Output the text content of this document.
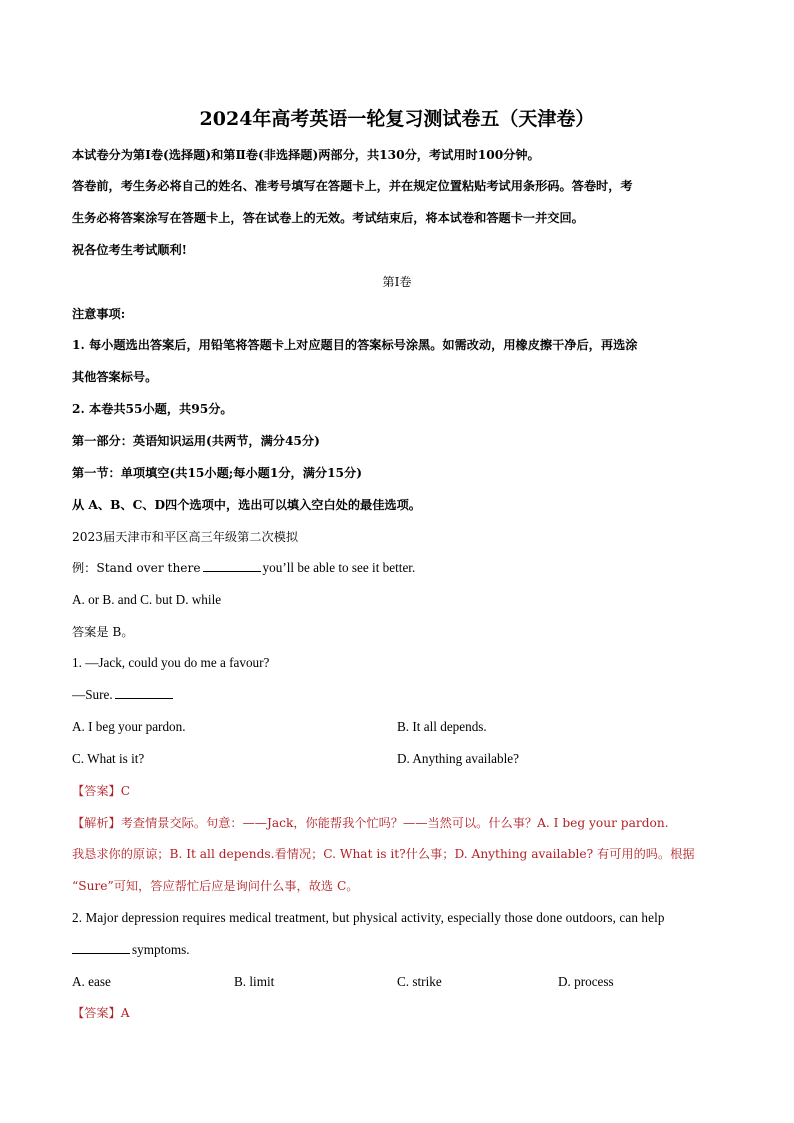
2024年高考英语一轮复习测试卷五（天津卷）
本试卷分为第Ⅰ卷(选择题)和第Ⅱ卷(非选择题)两部分，共130分，考试用时100分钟。
答卷前，考生务必将自己的姓名、准考号填写在答题卡上，并在规定位置粘贴考试用条形码。答卷时，考
生务必将答案涂写在答题卡上，答在试卷上的无效。考试结束后，将本试卷和答题卡一并交回。
祝各位考生考试顺利!
第Ⅰ卷
注意事项:
1. 每小题选出答案后，用铅笔将答题卡上对应题目的答案标号涂黑。如需改动，用橡皮擦干净后，再选涂
其他答案标号。
2. 本卷共55小题，共95分。
第一部分：英语知识运用(共两节，满分45分)
第一节：单项填空(共15小题;每小题1分，满分15分)
从 A、B、C、D四个选项中，选出可以填入空白处的最佳选项。
2023届天津市和平区高三年级第二次模拟
例：Stand over there	you’ll be able to see it better.
A. or B. and C. but D. while
答案是 B。
1. —Jack, could you do me a favour?
—Sure.
A. I beg your pardon.	B. It all depends.
C. What is it?	D. Anything available?
【答案】C
【解析】考查情景交际。句意：——Jack，你能帮我个忙吗？——当然可以。什么事？A. I beg your pardon.
我恳求你的原谅；B. It all depends.看情况；C. What is it?什么事；D. Anything available? 有可用的吗。根据
“Sure”可知，答应帮忙后应是询问什么事，故选 C。
2. Major depression requires medical treatment, but physical activity, especially those done outdoors, can help
symptoms.
A. ease	B. limit	C. strike	D. process
【答案】A
